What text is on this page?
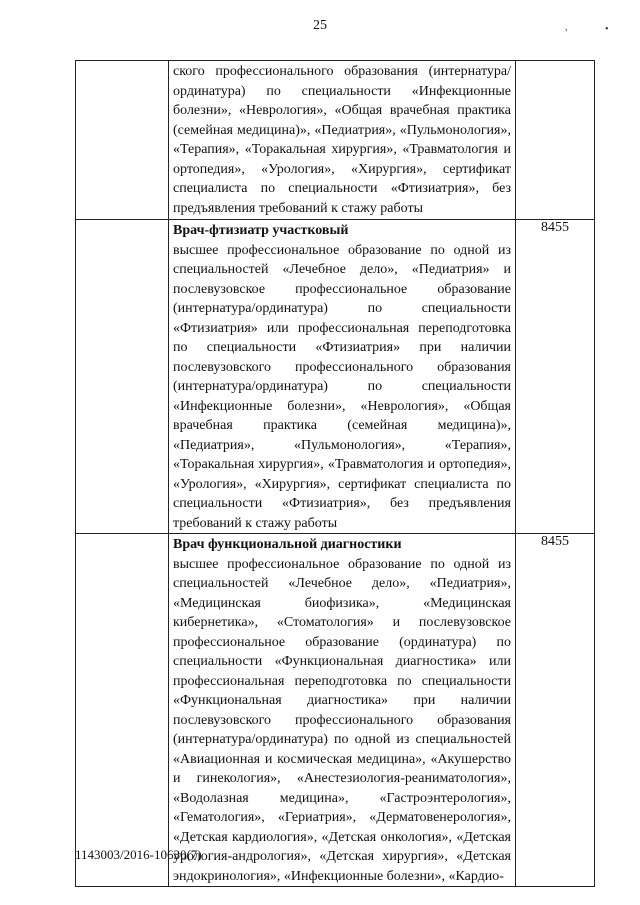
25	,	•

ского профессионального образования (интернатура/ординатура) по специальности «Инфекционные болезни», «Неврология», «Общая врачебная практика (семейная медицина)», «Педиатрия», «Пульмонология», «Терапия», «Торакальная хирургия», «Травматология и ортопедия», «Урология», «Хирургия», сертификат специалиста по специальности «Фтизиатрия», без предъявления требований к стажу работы	

	Врач-фтизиатр участковый
высшее профессиональное образование по одной из специальностей «Лечебное дело», «Педиатрия» и послевузовское профессиональное образование (интернатура/ординатура) по специальности «Фтизиатрия» или профессиональная переподготовка по специальности «Фтизиатрия» при наличии послевузовского профессионального образования (интернатура/ординатура) по специальности «Инфекционные болезни», «Неврология», «Общая врачебная практика (семейная медицина)», «Педиатрия», «Пульмонология», «Терапия», «Торакальная хирургия», «Травматология и ортопедия», «Урология», «Хирургия», сертификат специалиста по специальности «Фтизиатрия», без предъявления требований к стажу работы	8455

	Врач функциональной диагностики
высшее профессиональное образование по одной из специальностей «Лечебное дело», «Педиатрия», «Медицинская биофизика», «Медицинская кибернетика», «Стоматология» и послевузовское профессиональное образование (ординатура) по специальности «Функциональная диагностика» или профессиональная переподготовка по специальности «Функциональная диагностика» при наличии послевузовского профессионального образования (интернатура/ординатура) по одной из специальностей «Авиационная и космическая медицина», «Акушерство и гинекология», «Анестезиология-реаниматология», «Водолазная медицина», «Гастроэнтерология», «Гематология», «Гериатрия», «Дерматовенерология», «Детская кардиология», «Детская онкология», «Детская урология-андрология», «Детская хирургия», «Детская эндокринология», «Инфекционные болезни», «Кардио-	8455
1143003/2016-10630(7)
